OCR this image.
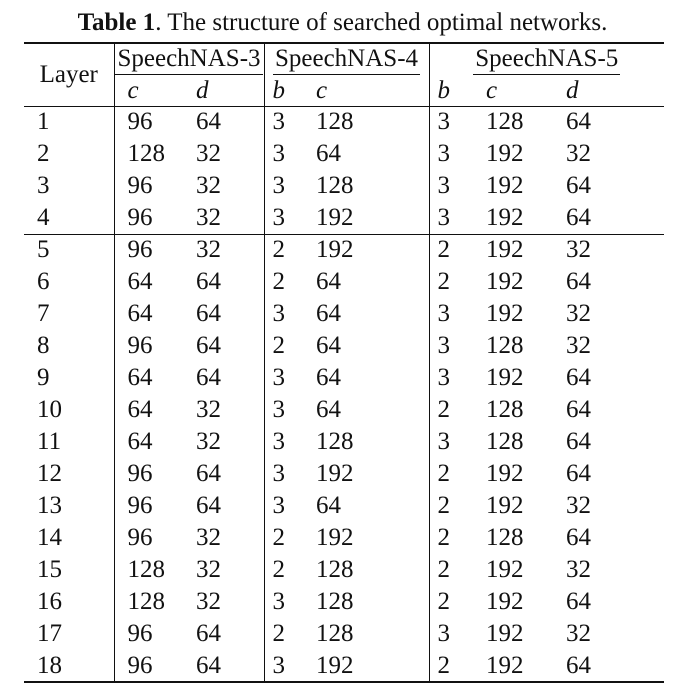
Table 1. The structure of searched optimal networks.
Layer	SpeechNAS-3		SpeechNAS-4		SpeechNAS-5		
	c	d	b	c	b	c	d
1	96	64	3	128	3	128	64
2	128	32	3	64	3	192	32
3	96	32	3	128	3	192	64
4	96	32	3	192	3	192	64
5	96	32	2	192	2	192	32
6	64	64	2	64	2	192	64
7	64	64	3	64	3	192	32
8	96	64	2	64	3	128	32
9	64	64	3	64	3	192	64
10	64	32	3	64	2	128	64
11	64	32	3	128	3	128	64
12	96	64	3	192	2	192	64
13	96	64	3	64	2	192	32
14	96	32	2	192	2	128	64
15	128	32	2	128	2	192	32
16	128	32	3	128	2	192	64
17	96	64	2	128	3	192	32
18	96	64	3	192	2	192	64
